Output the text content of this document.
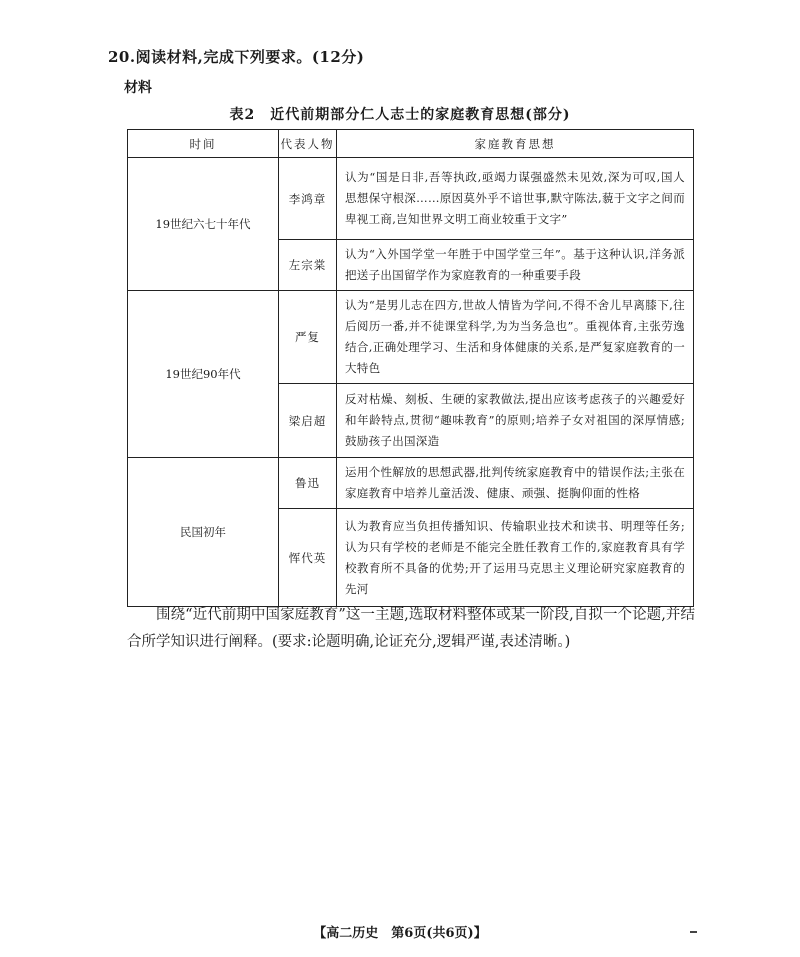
20.阅读材料,完成下列要求。(12分)
材料
表2　近代前期部分仁人志士的家庭教育思想(部分)
时间	代表人物	家庭教育思想
19世纪六七十年代	李鸿章	认为“国是日非,吾等执政,亟竭力谋强盛然未见效,深为可叹,国人思想保守根深……原因莫外乎不谙世事,默守陈法,藐于文字之间而卑视工商,岂知世界文明工商业较重于文字”
	左宗棠	认为“入外国学堂一年胜于中国学堂三年”。基于这种认识,洋务派把送子出国留学作为家庭教育的一种重要手段
19世纪90年代	严复	认为“是男儿志在四方,世故人情皆为学问,不得不舍儿早离膝下,往后阅历一番,并不徒课堂科学,为为当务急也”。重视体育,主张劳逸结合,正确处理学习、生活和身体健康的关系,是严复家庭教育的一大特色
	梁启超	反对枯燥、刻板、生硬的家教做法,提出应该考虑孩子的兴趣爱好和年龄特点,贯彻“趣味教育”的原则;培养子女对祖国的深厚情感;鼓励孩子出国深造
民国初年	鲁迅	运用个性解放的思想武器,批判传统家庭教育中的错误作法;主张在家庭教育中培养儿童活泼、健康、顽强、挺胸仰面的性格
	恽代英	认为教育应当负担传播知识、传输职业技术和读书、明理等任务;认为只有学校的老师是不能完全胜任教育工作的,家庭教育具有学校教育所不具备的优势;开了运用马克思主义理论研究家庭教育的先河
围绕“近代前期中国家庭教育”这一主题,选取材料整体或某一阶段,自拟一个论题,并结合所学知识进行阐释。(要求:论题明确,论证充分,逻辑严谨,表述清晰。)
【高二历史　第6页(共6页)】
